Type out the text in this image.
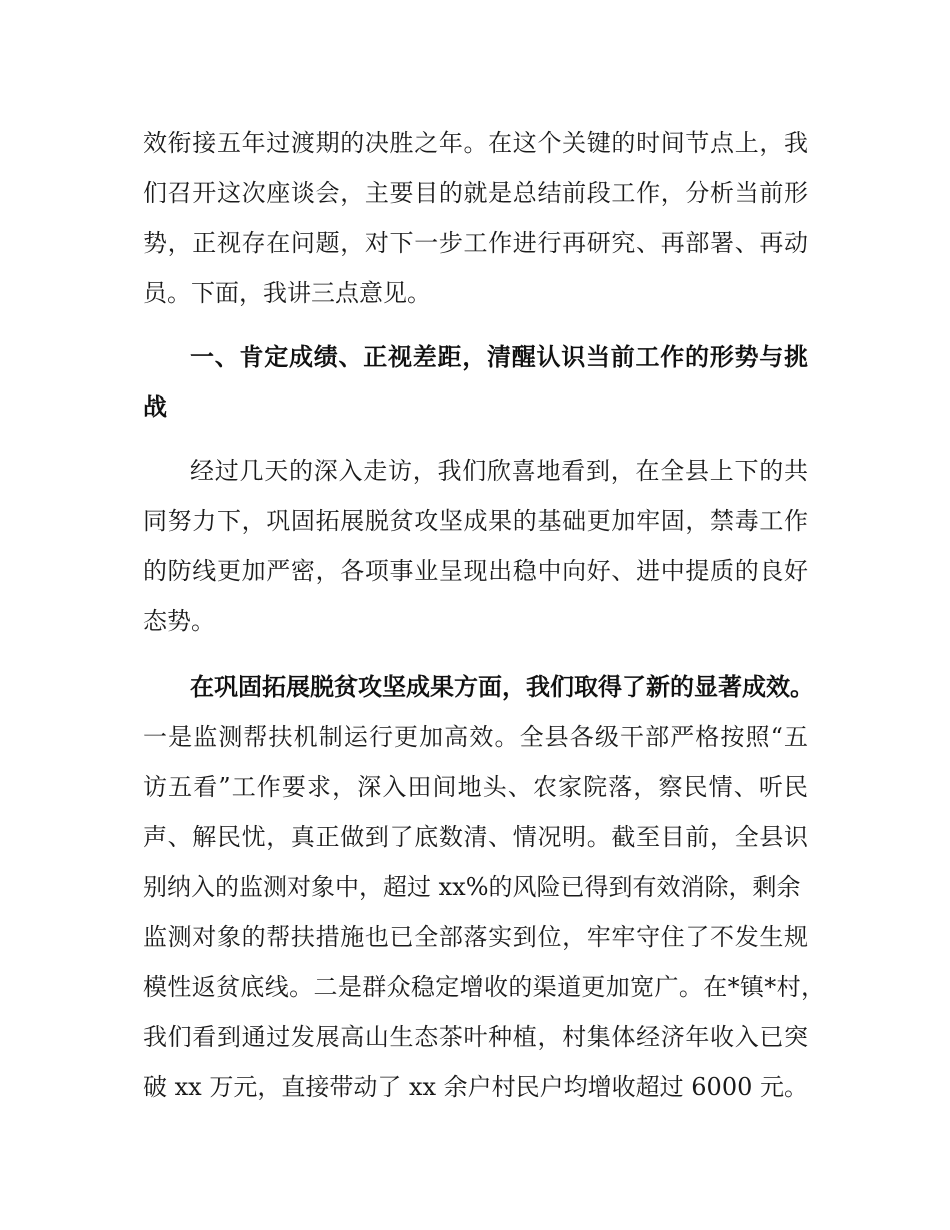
效衔接五年过渡期的决胜之年。在这个关键的时间节点上，我
们召开这次座谈会，主要目的就是总结前段工作，分析当前形
势，正视存在问题，对下一步工作进行再研究、再部署、再动
员。下面，我讲三点意见。
一、肯定成绩、正视差距，清醒认识当前工作的形势与挑
战
经过几天的深入走访，我们欣喜地看到，在全县上下的共
同努力下，巩固拓展脱贫攻坚成果的基础更加牢固，禁毒工作
的防线更加严密，各项事业呈现出稳中向好、进中提质的良好
态势。
在巩固拓展脱贫攻坚成果方面，我们取得了新的显著成效。
一是监测帮扶机制运行更加高效。全县各级干部严格按照“五
访五看”工作要求，深入田间地头、农家院落，察民情、听民
声、解民忧，真正做到了底数清、情况明。截至目前，全县识
别纳入的监测对象中，超过 xx%的风险已得到有效消除，剩余
监测对象的帮扶措施也已全部落实到位，牢牢守住了不发生规
模性返贫底线。二是群众稳定增收的渠道更加宽广。在*镇*村，
我们看到通过发展高山生态茶叶种植，村集体经济年收入已突
破 xx 万元，直接带动了 xx 余户村民户均增收超过 6000 元。
